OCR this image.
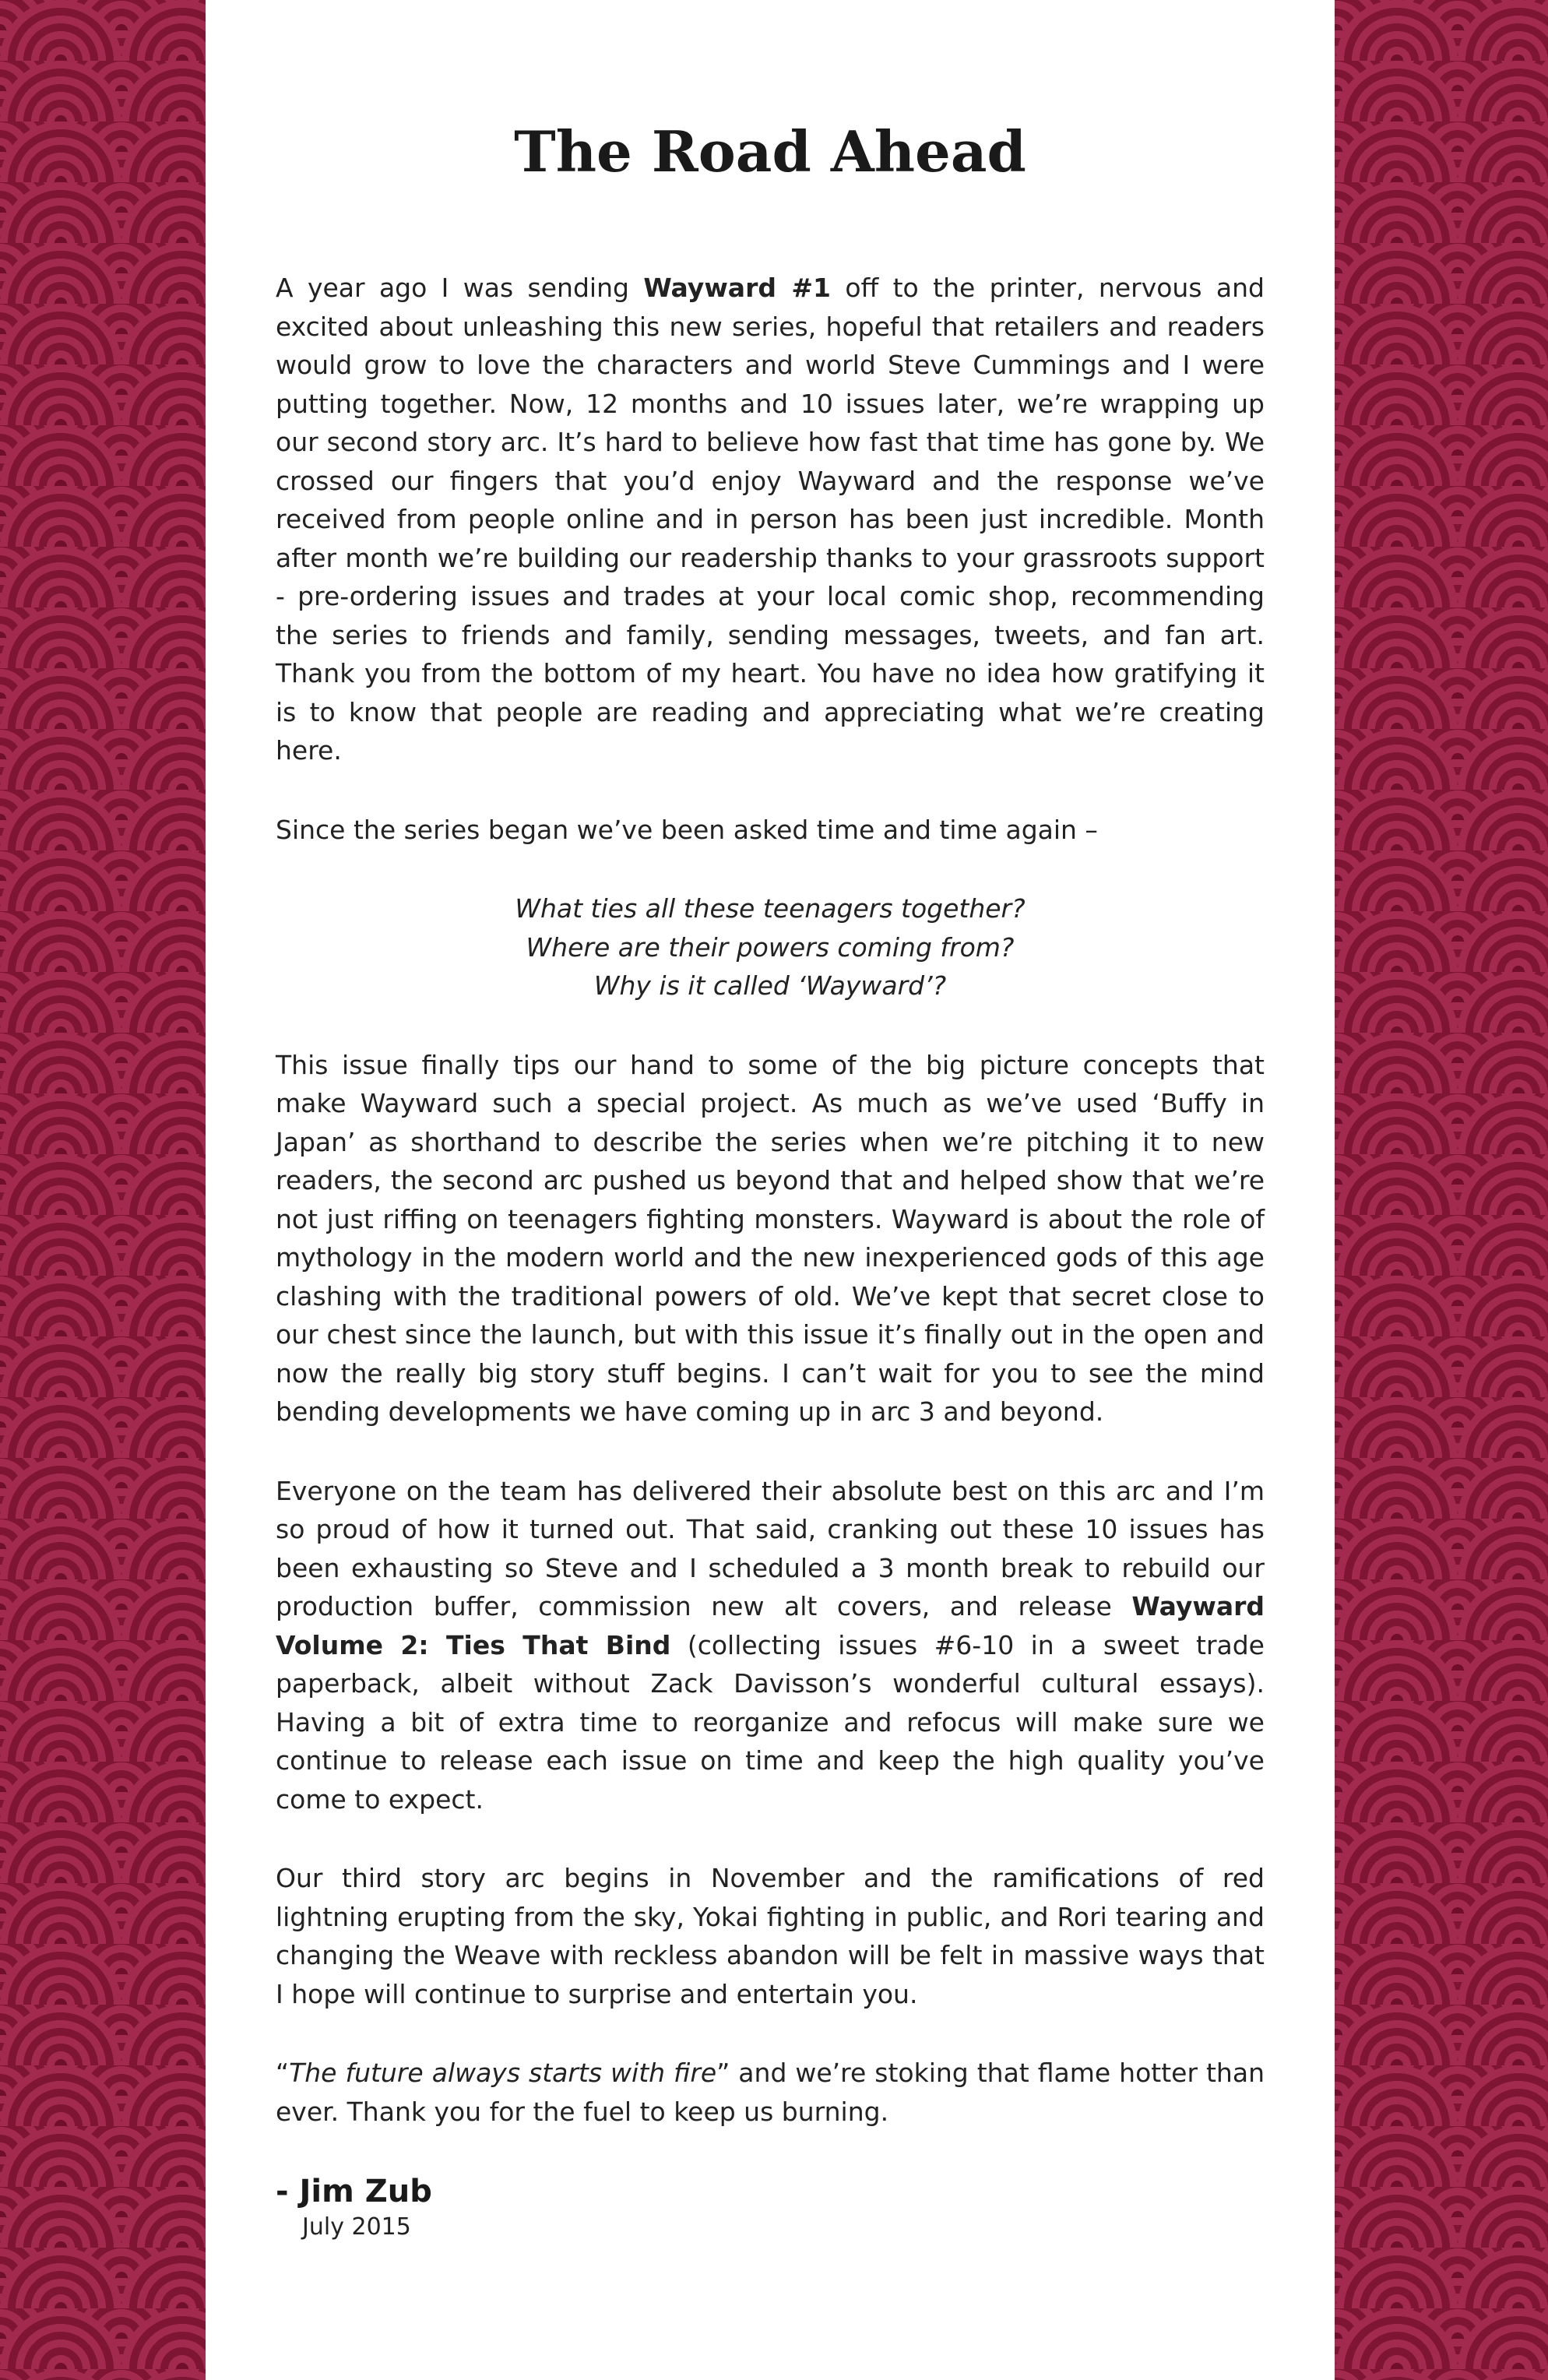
The Road Ahead

A year ago I was sending Wayward #1 off to the printer, nervous and excited about unleashing this new series, hopeful that retailers and readers would grow to love the characters and world Steve Cummings and I were putting together. Now, 12 months and 10 issues later, we’re wrapping up our second story arc. It’s hard to believe how fast that time has gone by. We crossed our fingers that you’d enjoy Wayward and the response we’ve received from people online and in person has been just incredible. Month after month we’re building our readership thanks to your grassroots support - pre-ordering issues and trades at your local comic shop, recommending the series to friends and family, sending messages, tweets, and fan art. Thank you from the bottom of my heart. You have no idea how gratifying it is to know that people are reading and appreciating what we’re creating here.

Since the series began we’ve been asked time and time again –

What ties all these teenagers together?
Where are their powers coming from?
Why is it called ‘Wayward’?

This issue finally tips our hand to some of the big picture concepts that make Wayward such a special project. As much as we’ve used ‘Buffy in Japan’ as shorthand to describe the series when we’re pitching it to new readers, the second arc pushed us beyond that and helped show that we’re not just riffing on teenagers fighting monsters. Wayward is about the role of mythology in the modern world and the new inexperienced gods of this age clashing with the traditional powers of old. We’ve kept that secret close to our chest since the launch, but with this issue it’s finally out in the open and now the really big story stuff begins. I can’t wait for you to see the mind bending developments we have coming up in arc 3 and beyond.

Everyone on the team has delivered their absolute best on this arc and I’m so proud of how it turned out. That said, cranking out these 10 issues has been exhausting so Steve and I scheduled a 3 month break to rebuild our production buffer, commission new alt covers, and release Wayward Volume 2: Ties That Bind (collecting issues #6-10 in a sweet trade paperback, albeit without Zack Davisson’s wonderful cultural essays). Having a bit of extra time to reorganize and refocus will make sure we continue to release each issue on time and keep the high quality you’ve come to expect.

Our third story arc begins in November and the ramifications of red lightning erupting from the sky, Yokai fighting in public, and Rori tearing and changing the Weave with reckless abandon will be felt in massive ways that I hope will continue to surprise and entertain you.

“The future always starts with fire” and we’re stoking that flame hotter than ever. Thank you for the fuel to keep us burning.

- Jim Zub
July 2015
